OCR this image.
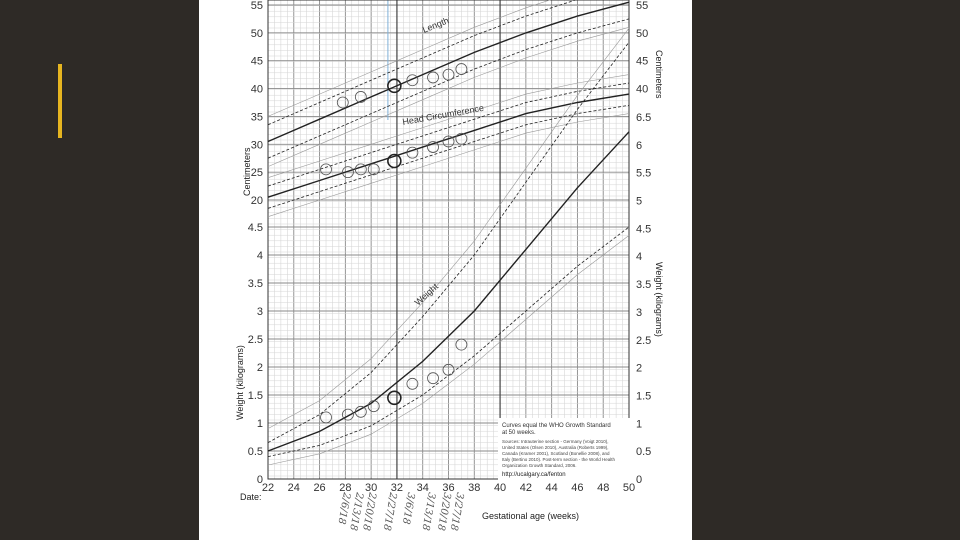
22 24 26 28 30 32 34 36 38 40 42 44 46 48 50
20
25
30
35
40
45
50
55
0
0.5
1
1.5
2
2.5
3
3.5
4
4.5
40
45
50
55
0
0.5
1
1.5
2
2.5
3
3.5
4
4.5
5
5.5
6
6.5
Length
Head Circumference
Weight
Curves equal the WHO Growth Standard
at 50 weeks.
Sources: Intrauterine section - Germany (Voigt 2010),
United States (Olsen 2010), Australia (Roberts 1999),
Canada (Kramer 2001), Scotland (Bonellie 2008), and
Italy (Bertino 2010). Post-term section - the World Health
Organization Growth Standard, 2006.
http://ucalgary.ca/fenton
Gestational age (weeks)
Date:
Centimeters
Weight (kilograms)
Centimeters
Weight (kilograms)
2/6/18
2/13/18
2/20/18 2/27/18 3/6/18 3/13/18
3/20/18
3/27/18
